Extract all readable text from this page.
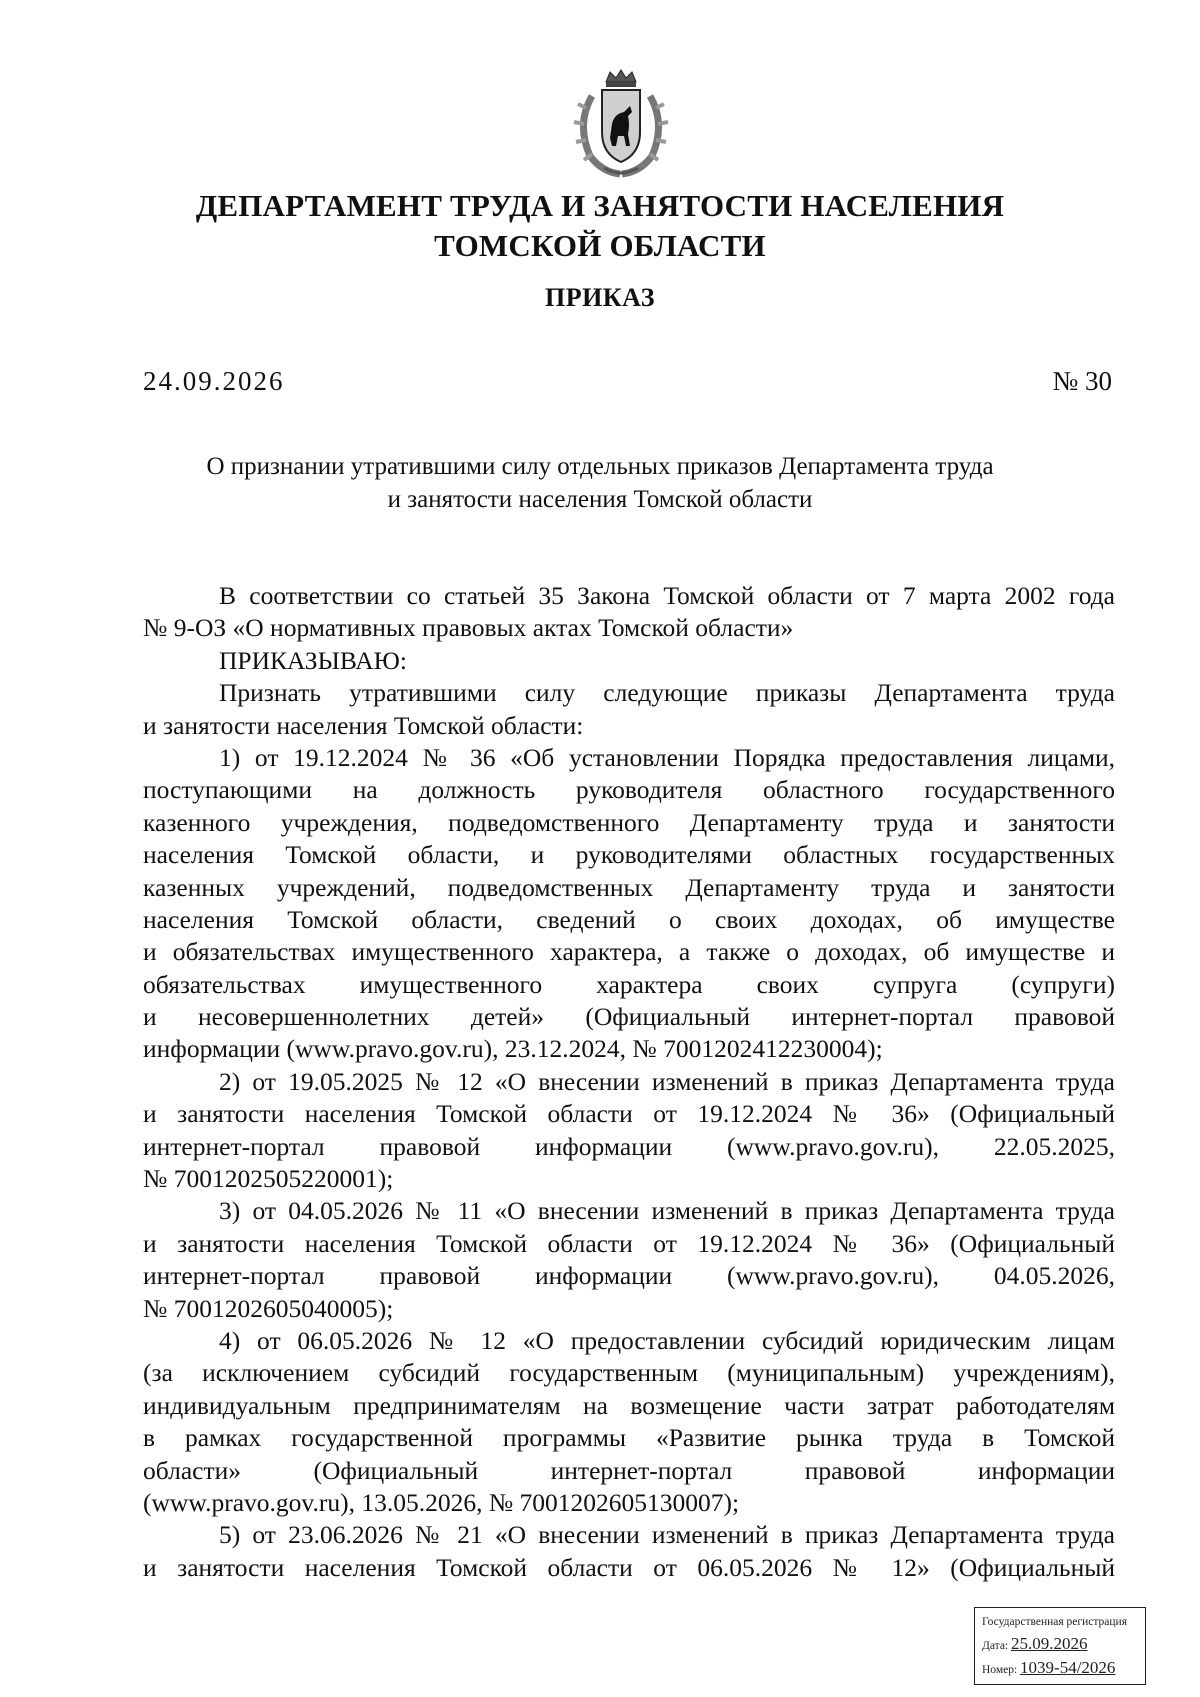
ДЕПАРТАМЕНТ ТРУДА И ЗАНЯТОСТИ НАСЕЛЕНИЯ
ТОМСКОЙ ОБЛАСТИ
ПРИКАЗ
24.09.2026	№ 30
О признании утратившими силу отдельных приказов Департамента труда
и занятости населения Томской области
В соответствии со статьей 35 Закона Томской области от 7 марта 2002 года
№ 9-ОЗ «О нормативных правовых актах Томской области»
ПРИКАЗЫВАЮ:
Признать утратившими силу следующие приказы Департамента труда
и занятости населения Томской области:
1) от 19.12.2024 № 36 «Об установлении Порядка предоставления лицами,
поступающими на должность руководителя областного государственного
казенного учреждения, подведомственного Департаменту труда и занятости
населения Томской области, и руководителями областных государственных
казенных учреждений, подведомственных Департаменту труда и занятости
населения Томской области, сведений о своих доходах, об имуществе
и обязательствах имущественного характера, а также о доходах, об имуществе и
обязательствах имущественного характера своих супруга (супруги)
и несовершеннолетних детей» (Официальный интернет-портал правовой
информации (www.pravo.gov.ru), 23.12.2024, № 7001202412230004);
2) от 19.05.2025 № 12 «О внесении изменений в приказ Департамента труда
и занятости населения Томской области от 19.12.2024 № 36» (Официальный
интернет-портал правовой информации (www.pravo.gov.ru), 22.05.2025,
№ 7001202505220001);
3) от 04.05.2026 № 11 «О внесении изменений в приказ Департамента труда
и занятости населения Томской области от 19.12.2024 № 36» (Официальный
интернет-портал правовой информации (www.pravo.gov.ru), 04.05.2026,
№ 7001202605040005);
4) от 06.05.2026 № 12 «О предоставлении субсидий юридическим лицам
(за исключением субсидий государственным (муниципальным) учреждениям),
индивидуальным предпринимателям на возмещение части затрат работодателям
в рамках государственной программы «Развитие рынка труда в Томской
области» (Официальный интернет-портал правовой информации
(www.pravo.gov.ru), 13.05.2026, № 7001202605130007);
5) от 23.06.2026 № 21 «О внесении изменений в приказ Департамента труда
и занятости населения Томской области от 06.05.2026 № 12» (Официальный
Государственная регистрация
Дата: 25.09.2026
Номер: 1039-54/2026
